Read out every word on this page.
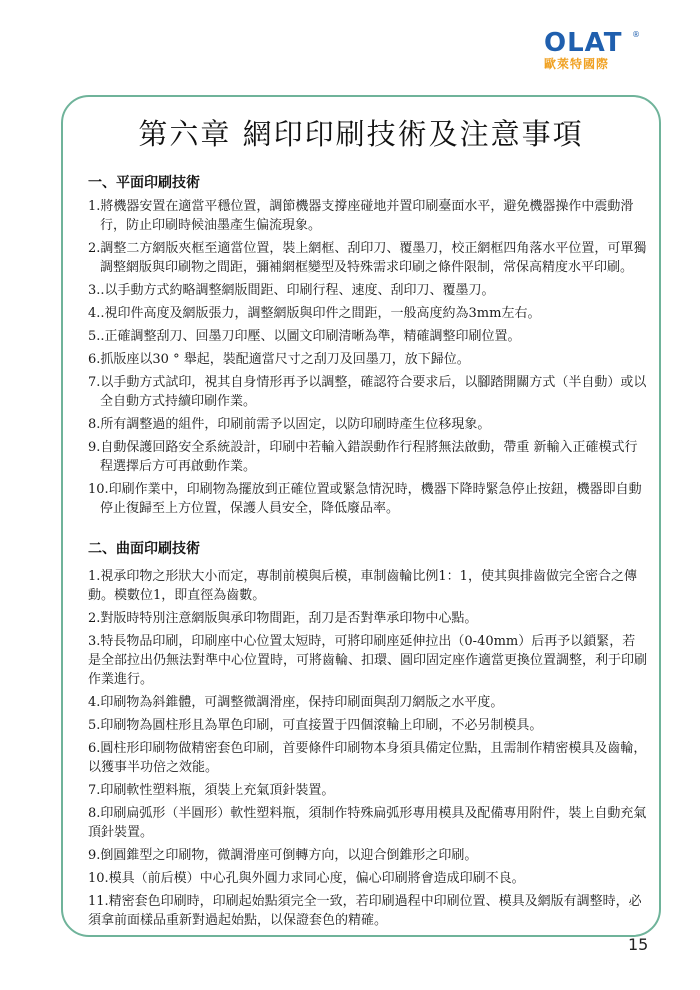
OLAT	®
歐萊特國際
第六章 網印印刷技術及注意事項
一、平面印刷技術

1.將機器安置在適當平穩位置，調節機器支撐座碰地并置印刷臺面水平，避免機器操作中震動滑行，防止印刷時候油墨產生偏流現象。

2.調整二方網版夾框至適當位置，裝上網框、刮印刀、覆墨刀，校正網框四角落水平位置，可單獨調整網版與印刷物之間距，彌補網框變型及特殊需求印刷之條件限制，常保高精度水平印刷。

3..以手動方式約略調整網版間距、印刷行程、速度、刮印刀、覆墨刀。

4..視印件高度及網版張力，調整網版與印件之間距，一般高度約為3mm左右。

5..正確調整刮刀、回墨刀印壓、以圖文印刷清晰為準，精確調整印刷位置。

6.抓版座以30 ° 舉起，裝配適當尺寸之刮刀及回墨刀，放下歸位。

7.以手動方式試印，視其自身情形再予以調整，確認符合要求后，以腳踏開關方式（半自動）或以全自動方式持續印刷作業。

8.所有調整過的組件，印刷前需予以固定，以防印刷時產生位移現象。

9.自動保護回路安全系統設計，印刷中若輸入錯誤動作行程將無法啟動，帶重 新輸入正確模式行程選擇后方可再啟動作業。

10.印刷作業中，印刷物為擺放到正確位置或緊急情況時，機器下降時緊急停止按鈕，機器即自動停止復歸至上方位置，保護人員安全，降低廢品率。

二、曲面印刷技術

1.視承印物之形狀大小而定，專制前模與后模，車制齒輪比例1：1，使其與排齒做完全密合之傳動。模數位1，即直徑為齒數。

2.對版時特別注意網版與承印物間距，刮刀是否對準承印物中心點。

3.特長物品印刷，印刷座中心位置太短時，可將印刷座延伸拉出（0-40mm）后再予以鎖緊，若是全部拉出仍無法對準中心位置時，可將齒輪、扣環、圓印固定座作適當更換位置調整，利于印刷作業進行。

4.印刷物為斜錐體，可調整微調滑座，保持印刷面與刮刀網版之水平度。

5.印刷物為圓柱形且為單色印刷，可直接置于四個滾輪上印刷，不必另制模具。

6.圓柱形印刷物做精密套色印刷，首要條件印刷物本身須具備定位點，且需制作精密模具及齒輪，以獲事半功倍之效能。

7.印刷軟性塑料瓶，須裝上充氣頂針裝置。

8.印刷扁弧形（半圓形）軟性塑料瓶，須制作特殊扁弧形專用模具及配備專用附件，裝上自動充氣頂針裝置。

9.倒圓錐型之印刷物，微調滑座可倒轉方向，以迎合倒錐形之印刷。

10.模具（前后模）中心孔與外圓力求同心度，偏心印刷將會造成印刷不良。

11.精密套色印刷時，印刷起始點須完全一致，若印刷過程中印刷位置、模具及網版有調整時，必須拿前面樣品重新對過起始點，以保證套色的精確。

15
